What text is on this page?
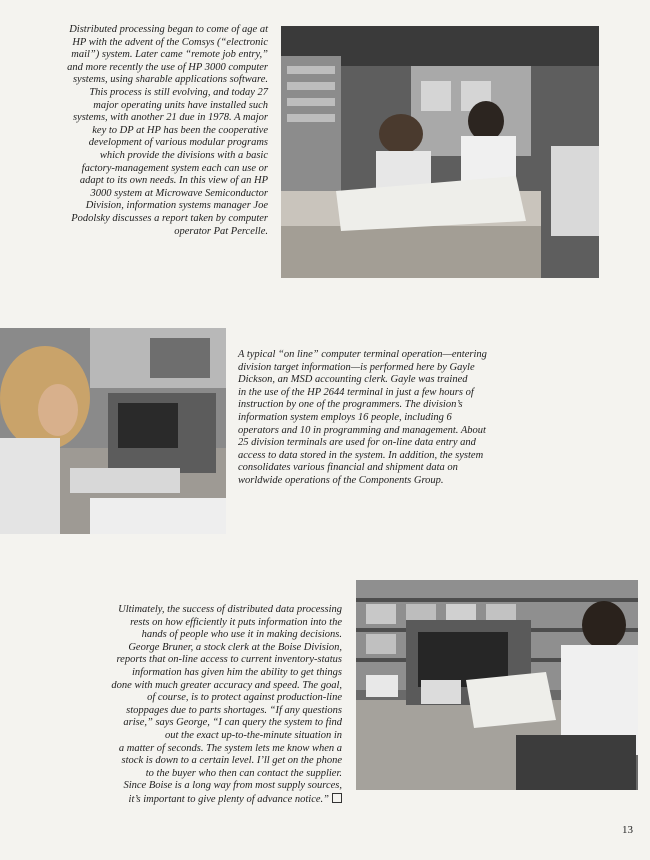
Distributed processing began to come of age at
HP with the advent of the Comsys (“electronic
mail”) system. Later came “remote job entry,”
and more recently the use of HP 3000 computer
systems, using sharable applications software.
This process is still evolving, and today 27
major operating units have installed such
systems, with another 21 due in 1978. A major
key to DP at HP has been the cooperative
development of various modular programs
which provide the divisions with a basic
factory-management system each can use or
adapt to its own needs. In this view of an HP
3000 system at Microwave Semiconductor
Division, information systems manager Joe
Podolsky discusses a report taken by computer
operator Pat Percelle.

A typical “on line” computer terminal operation—entering
division target information—is performed here by Gayle
Dickson, an MSD accounting clerk. Gayle was trained
in the use of the HP 2644 terminal in just a few hours of
instruction by one of the programmers. The division’s
information system employs 16 people, including 6
operators and 10 in programming and management. About
25 division terminals are used for on-line data entry and
access to data stored in the system. In addition, the system
consolidates various financial and shipment data on
worldwide operations of the Components Group.

Ultimately, the success of distributed data processing
rests on how efficiently it puts information into the
hands of people who use it in making decisions.
George Bruner, a stock clerk at the Boise Division,
reports that on-line access to current inventory-status
information has given him the ability to get things
done with much greater accuracy and speed. The goal,
of course, is to protect against production-line
stoppages due to parts shortages. “If any questions
arise,” says George, “I can query the system to find
out the exact up-to-the-minute situation in
a matter of seconds. The system lets me know when a
stock is down to a certain level. I’ll get on the phone
to the buyer who then can contact the supplier.
Since Boise is a long way from most supply sources,
it’s important to give plenty of advance notice.”

13
